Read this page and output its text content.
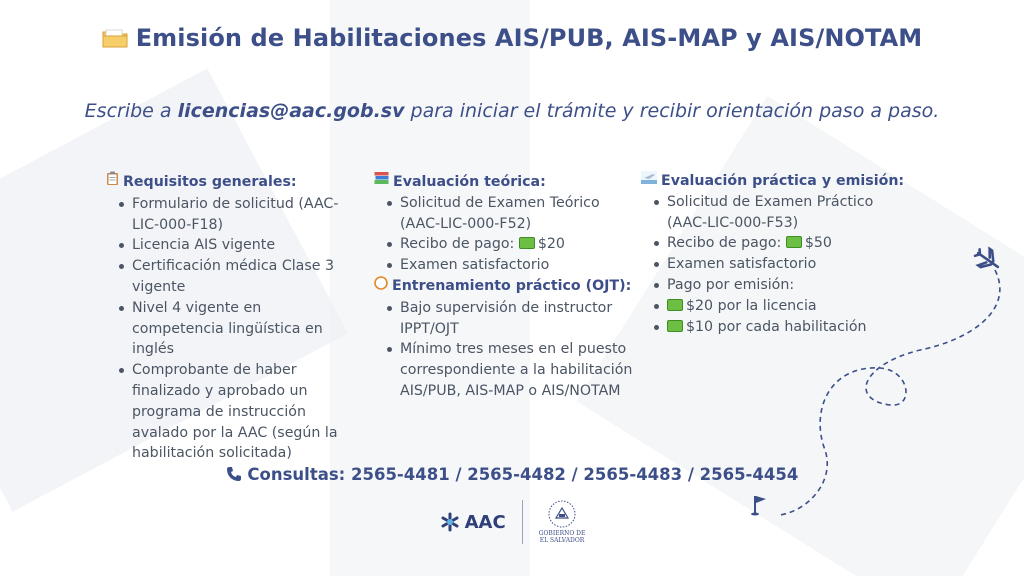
Emisión de Habilitaciones AIS/PUB, AIS-MAP y AIS/NOTAM
Escribe a licencias@aac.gob.sv para iniciar el trámite y recibir orientación paso a paso.
Requisitos generales:
Formulario de solicitud (AAC-LIC-000-F18)
Licencia AIS vigente
Certificación médica Clase 3 vigente
Nivel 4 vigente en competencia lingüística en inglés
Comprobante de haber finalizado y aprobado un programa de instrucción avalado por la AAC (según la habilitación solicitada)
Evaluación teórica:
Solicitud de Examen Teórico (AAC-LIC-000-F52)
Recibo de pago: $20
Examen satisfactorio
Entrenamiento práctico (OJT):
Bajo supervisión de instructor IPPT/OJT
Mínimo tres meses en el puesto correspondiente a la habilitación AIS/PUB, AIS-MAP o AIS/NOTAM
Evaluación práctica y emisión:
Solicitud de Examen Práctico (AAC-LIC-000-F53)
Recibo de pago: $50
Examen satisfactorio
Pago por emisión:
$20 por la licencia
$10 por cada habilitación
Consultas: 2565-4481 / 2565-4482 / 2565-4483 / 2565-4454
AAC
GOBIERNO DE
EL SALVADOR
